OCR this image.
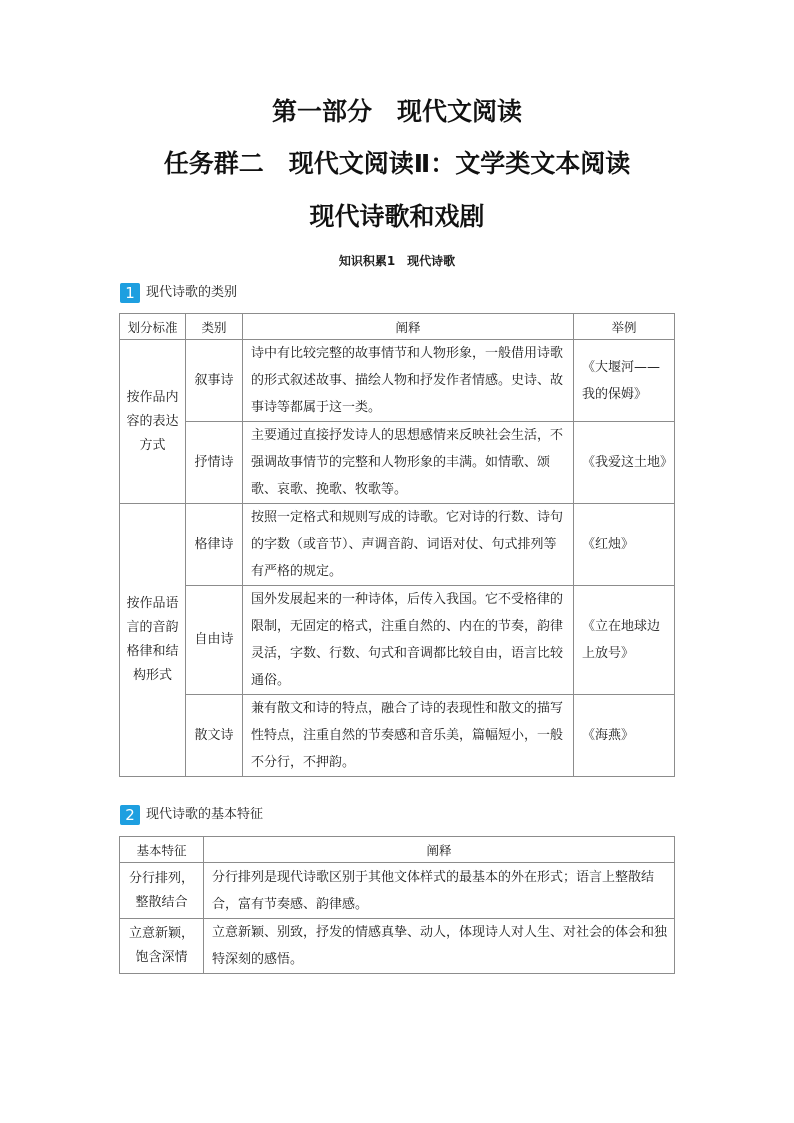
第一部分　现代文阅读
任务群二　现代文阅读Ⅱ：文学类文本阅读
现代诗歌和戏剧
知识积累1　现代诗歌
1 现代诗歌的类别
划分标准	类别	阐释	举例
按作品内容的表达方式	叙事诗	诗中有比较完整的故事情节和人物形象，一般借用诗歌的形式叙述故事、描绘人物和抒发作者情感。史诗、故事诗等都属于这一类。	《大堰河——我的保姆》
	抒情诗	主要通过直接抒发诗人的思想感情来反映社会生活，不强调故事情节的完整和人物形象的丰满。如情歌、颂歌、哀歌、挽歌、牧歌等。	《我爱这土地》
按作品语言的音韵格律和结构形式	格律诗	按照一定格式和规则写成的诗歌。它对诗的行数、诗句的字数（或音节）、声调音韵、词语对仗、句式排列等有严格的规定。	《红烛》
	自由诗	国外发展起来的一种诗体，后传入我国。它不受格律的限制，无固定的格式，注重自然的、内在的节奏，韵律灵活，字数、行数、句式和音调都比较自由，语言比较通俗。	《立在地球边上放号》
	散文诗	兼有散文和诗的特点，融合了诗的表现性和散文的描写性特点，注重自然的节奏感和音乐美，篇幅短小，一般不分行，不押韵。	《海燕》
2 现代诗歌的基本特征
基本特征	阐释
分行排列，整散结合	分行排列是现代诗歌区别于其他文体样式的最基本的外在形式；语言上整散结合，富有节奏感、韵律感。
立意新颖，饱含深情	立意新颖、别致，抒发的情感真挚、动人，体现诗人对人生、对社会的体会和独特深刻的感悟。
